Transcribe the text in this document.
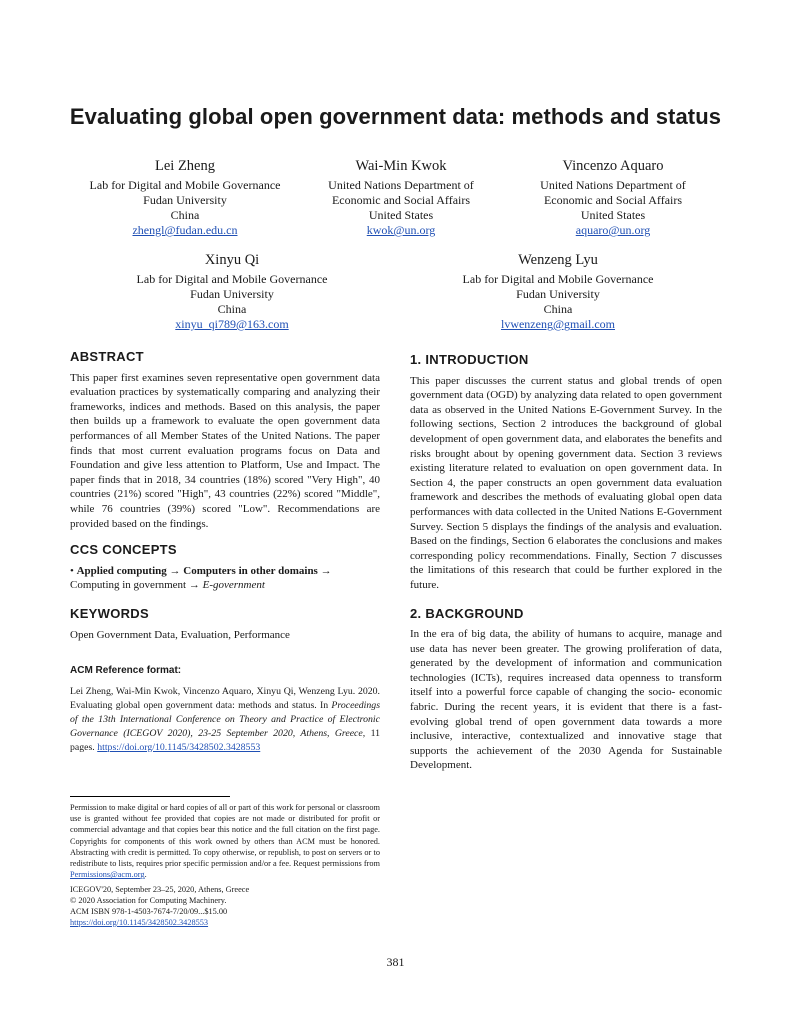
Evaluating global open government data: methods and status
Lei Zheng
Lab for Digital and Mobile Governance
Fudan University
China
zhengl@fudan.edu.cn
Wai-Min Kwok
United Nations Department of
Economic and Social Affairs
United States
kwok@un.org
Vincenzo Aquaro
United Nations Department of
Economic and Social Affairs
United States
aquaro@un.org
Xinyu Qi
Lab for Digital and Mobile Governance
Fudan University
China
xinyu_qi789@163.com
Wenzeng Lyu
Lab for Digital and Mobile Governance
Fudan University
China
lvwenzeng@gmail.com
ABSTRACT
This paper first examines seven representative open government data evaluation practices by systematically comparing and analyzing their frameworks, indices and methods. Based on this analysis, the paper then builds up a framework to evaluate the open government data performances of all Member States of the United Nations. The paper finds that most current evaluation programs focus on Data and Foundation and give less attention to Platform, Use and Impact. The paper finds that in 2018, 34 countries (18%) scored "Very High", 40 countries (21%) scored "High", 43 countries (22%) scored "Middle", while 76 countries (39%) scored "Low". Recommendations are provided based on the findings.
CCS CONCEPTS
• Applied computing → Computers in other domains → Computing in government → E-government
KEYWORDS
Open Government Data, Evaluation, Performance
ACM Reference format:
Lei Zheng, Wai-Min Kwok, Vincenzo Aquaro, Xinyu Qi, Wenzeng Lyu. 2020. Evaluating global open government data: methods and status. In Proceedings of the 13th International Conference on Theory and Practice of Electronic Governance (ICEGOV 2020), 23-25 September 2020, Athens, Greece, 11 pages. https://doi.org/10.1145/3428502.3428553
Permission to make digital or hard copies of all or part of this work for personal or classroom use is granted without fee provided that copies are not made or distributed for profit or commercial advantage and that copies bear this notice and the full citation on the first page. Copyrights for components of this work owned by others than ACM must be honored. Abstracting with credit is permitted. To copy otherwise, or republish, to post on servers or to redistribute to lists, requires prior specific permission and/or a fee. Request permissions from Permissions@acm.org.
ICEGOV'20, September 23–25, 2020, Athens, Greece
© 2020 Association for Computing Machinery.
ACM ISBN 978-1-4503-7674-7/20/09...$15.00
https://doi.org/10.1145/3428502.3428553
1. INTRODUCTION
This paper discusses the current status and global trends of open government data (OGD) by analyzing data related to open government data as observed in the United Nations E-Government Survey. In the following sections, Section 2 introduces the background of global development of open government data, and elaborates the benefits and risks brought about by opening government data. Section 3 reviews existing literature related to evaluation on open government data. In Section 4, the paper constructs an open government data evaluation framework and describes the methods of evaluating global open data performances with data collected in the United Nations E-Government Survey. Section 5 displays the findings of the analysis and evaluation. Based on the findings, Section 6 elaborates the conclusions and makes corresponding policy recommendations. Finally, Section 7 discusses the limitations of this research that could be further explored in the future.
2. BACKGROUND
In the era of big data, the ability of humans to acquire, manage and use data has never been greater. The growing proliferation of data, generated by the development of information and communication technologies (ICTs), requires increased data openness to transform itself into a powerful force capable of changing the socio- economic fabric. During the recent years, it is evident that there is a fast-evolving global trend of open government data towards a more inclusive, interactive, contextualized and innovative stage that supports the achievement of the 2030 Agenda for Sustainable Development.
381
